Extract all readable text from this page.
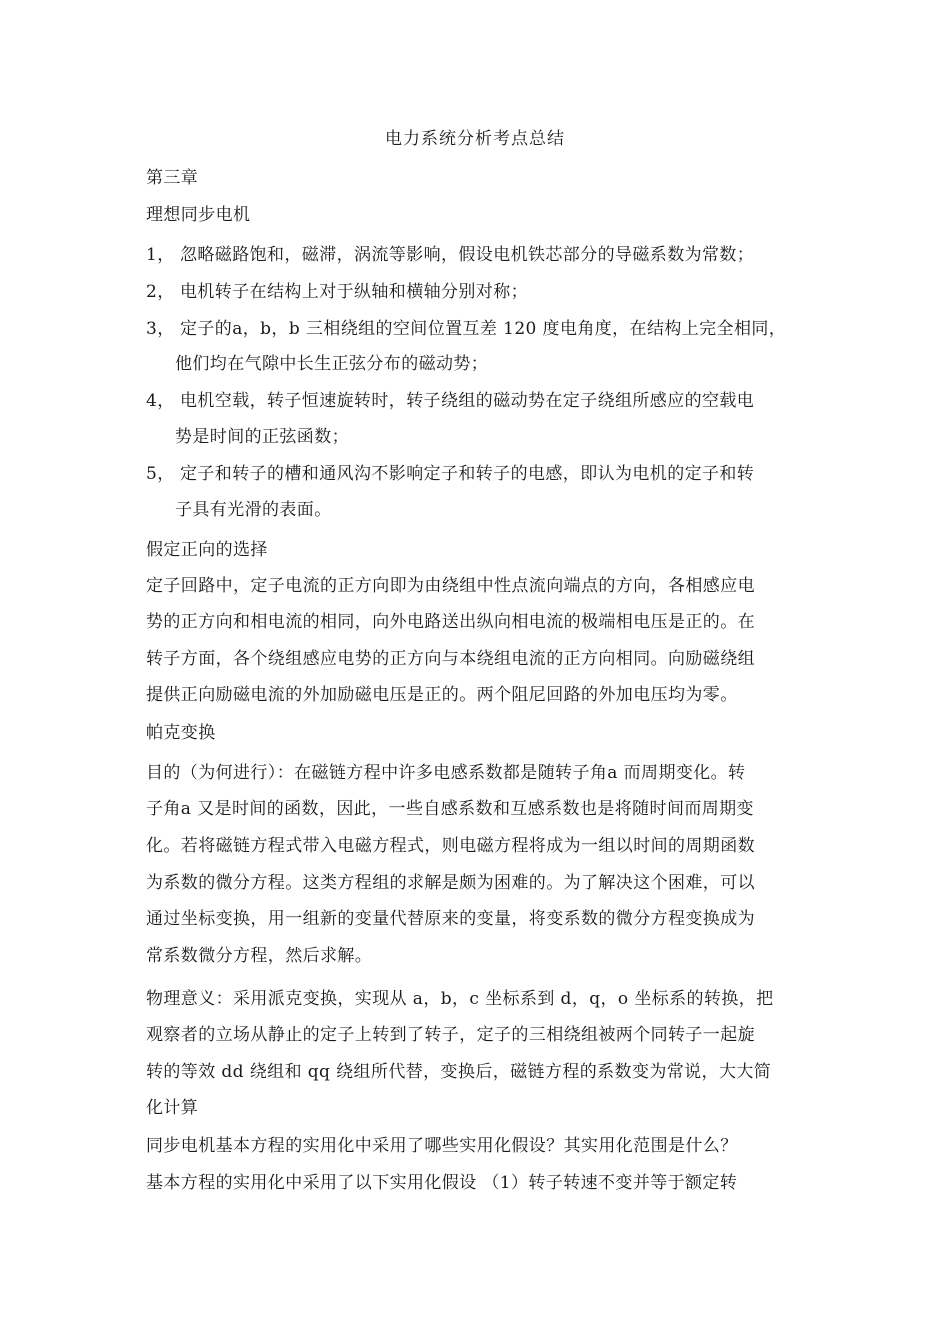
电力系统分析考点总结
第三章
理想同步电机
1， 忽略磁路饱和，磁滞，涡流等影响，假设电机铁芯部分的导磁系数为常数；
2， 电机转子在结构上对于纵轴和横轴分别对称；
3， 定子的a，b，b 三相绕组的空间位置互差 120 度电角度，在结构上完全相同，
他们均在气隙中长生正弦分布的磁动势；
4， 电机空载，转子恒速旋转时，转子绕组的磁动势在定子绕组所感应的空载电
势是时间的正弦函数；
5， 定子和转子的槽和通风沟不影响定子和转子的电感，即认为电机的定子和转
子具有光滑的表面。
假定正向的选择
定子回路中，定子电流的正方向即为由绕组中性点流向端点的方向，各相感应电
势的正方向和相电流的相同，向外电路送出纵向相电流的极端相电压是正的。在
转子方面，各个绕组感应电势的正方向与本绕组电流的正方向相同。向励磁绕组
提供正向励磁电流的外加励磁电压是正的。两个阻尼回路的外加电压均为零。
帕克变换
目的（为何进行）：在磁链方程中许多电感系数都是随转子角a 而周期变化。转
子角a 又是时间的函数，因此，一些自感系数和互感系数也是将随时间而周期变
化。若将磁链方程式带入电磁方程式，则电磁方程将成为一组以时间的周期函数
为系数的微分方程。这类方程组的求解是颇为困难的。为了解决这个困难，可以
通过坐标变换，用一组新的变量代替原来的变量，将变系数的微分方程变换成为
常系数微分方程，然后求解。
物理意义：采用派克变换，实现从 a，b，c 坐标系到 d，q，o 坐标系的转换，把
观察者的立场从静止的定子上转到了转子，定子的三相绕组被两个同转子一起旋
转的等效 dd 绕组和 qq 绕组所代替，变换后，磁链方程的系数变为常说，大大简
化计算
同步电机基本方程的实用化中采用了哪些实用化假设？其实用化范围是什么？
基本方程的实用化中采用了以下实用化假设 （1）转子转速不变并等于额定转
